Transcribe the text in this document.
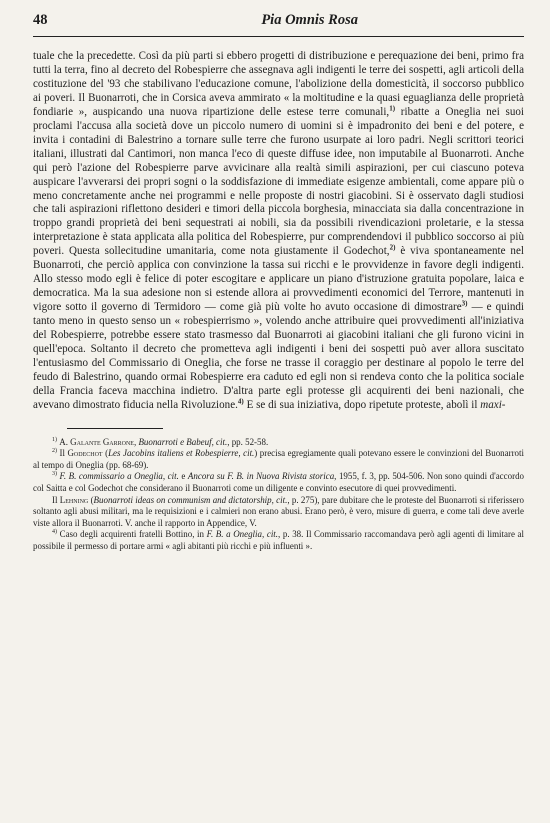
48	Pia Omnis Rosa

tuale che la precedette. Così da più parti si ebbero progetti di distribuzione e perequazione dei beni, primo fra tutti la terra, fino al decreto del Robespierre che assegnava agli indigenti le terre dei sospetti, agli articoli della costituzione del '93 che stabilivano l'educazione comune, l'abolizione della domesticità, il soccorso pubblico ai poveri. Il Buonarroti, che in Corsica aveva ammirato « la moltitudine e la quasi eguaglianza delle proprietà fondiarie », auspicando una nuova ripartizione delle estese terre comunali,$^{1)}$ ribatte a Oneglia nei suoi proclami l'accusa alla società dove un piccolo numero di uomini si è impadronito dei beni e del potere, e invita i contadini di Balestrino a tornare sulle terre che furono usurpate ai loro padri. Negli scrittori teorici italiani, illustrati dal Cantimori, non manca l'eco di queste diffuse idee, non imputabile al Buonarroti. Anche qui però l'azione del Robespierre parve avvicinare alla realtà simili aspirazioni, per cui ciascuno poteva auspicare l'avverarsi dei propri sogni o la soddisfazione di immediate esigenze ambientali, come appare più o meno concretamente anche nei programmi e nelle proposte di nostri giacobini. Si è osservato dagli studiosi che tali aspirazioni riflettono desideri e timori della piccola borghesia, minacciata sia dalla concentrazione in troppo grandi proprietà dei beni sequestrati ai nobili, sia da possibili rivendicazioni proletarie, e la stessa interpretazione è stata applicata alla politica del Robespierre, pur comprendendovi il pubblico soccorso ai più poveri. Questa sollecitudine umanitaria, come nota giustamente il Godechot,$^{2)}$ è viva spontaneamente nel Buonarroti, che perciò applica con convinzione la tassa sui ricchi e le provvidenze in favore degli indigenti. Allo stesso modo egli è felice di poter escogitare e applicare un piano d'istruzione gratuita popolare, laica e democratica. Ma la sua adesione non si estende allora ai provvedimenti economici del Terrore, mantenuti in vigore sotto il governo di Termidoro — come già più volte ho avuto occasione di dimostrare$^{3)}$ — e quindi tanto meno in questo senso un « robespierrismo », volendo anche attribuire quei provvedimenti all'iniziativa del Robespierre, potrebbe essere stato trasmesso dal Buonarroti ai giacobini italiani che gli furono vicini in quell'epoca. Soltanto il decreto che prometteva agli indigenti i beni dei sospetti può aver allora suscitato l'entusiasmo del Commissario di Oneglia, che forse ne trasse il coraggio per destinare al popolo le terre del feudo di Balestrino, quando ormai Robespierre era caduto ed egli non si rendeva conto che la politica sociale della Francia faceva macchina indietro. D'altra parte egli protesse gli acquirenti dei beni nazionali, che avevano dimostrato fiducia nella Rivoluzione.$^{4)}$ E se di sua iniziativa, dopo ripetute proteste, abolì il maxi-

$^{1)}$ A. Galante Garrone, Buonarroti e Babeuf, cit., pp. 52-58.

$^{2)}$ Il Godechot (Les Jacobins italiens et Robespierre, cit.) precisa egregiamente quali potevano essere le convinzioni del Buonarroti al tempo di Oneglia (pp. 68-69).

$^{3)}$ F. B. commissario a Oneglia, cit. e Ancora su F. B. in Nuova Rivista storica, 1955, f. 3, pp. 504-506. Non sono quindi d'accordo col Saitta e col Godechot che considerano il Buonarroti come un diligente e convinto esecutore di quei provvedimenti.

Il Lehning (Buonarroti ideas on communism and dictatorship, cit., p. 275), pare dubitare che le proteste del Buonarroti si riferissero soltanto agli abusi militari, ma le requisizioni e i calmieri non erano abusi. Erano però, è vero, misure di guerra, e come tali deve averle viste allora il Buonarroti. V. anche il rapporto in Appendice, V.

$^{4)}$ Caso degli acquirenti fratelli Bottino, in F. B. a Oneglia, cit., p. 38. Il Commissario raccomandava però agli agenti di limitare al possibile il permesso di portare armi « agli abitanti più ricchi e più influenti ».
